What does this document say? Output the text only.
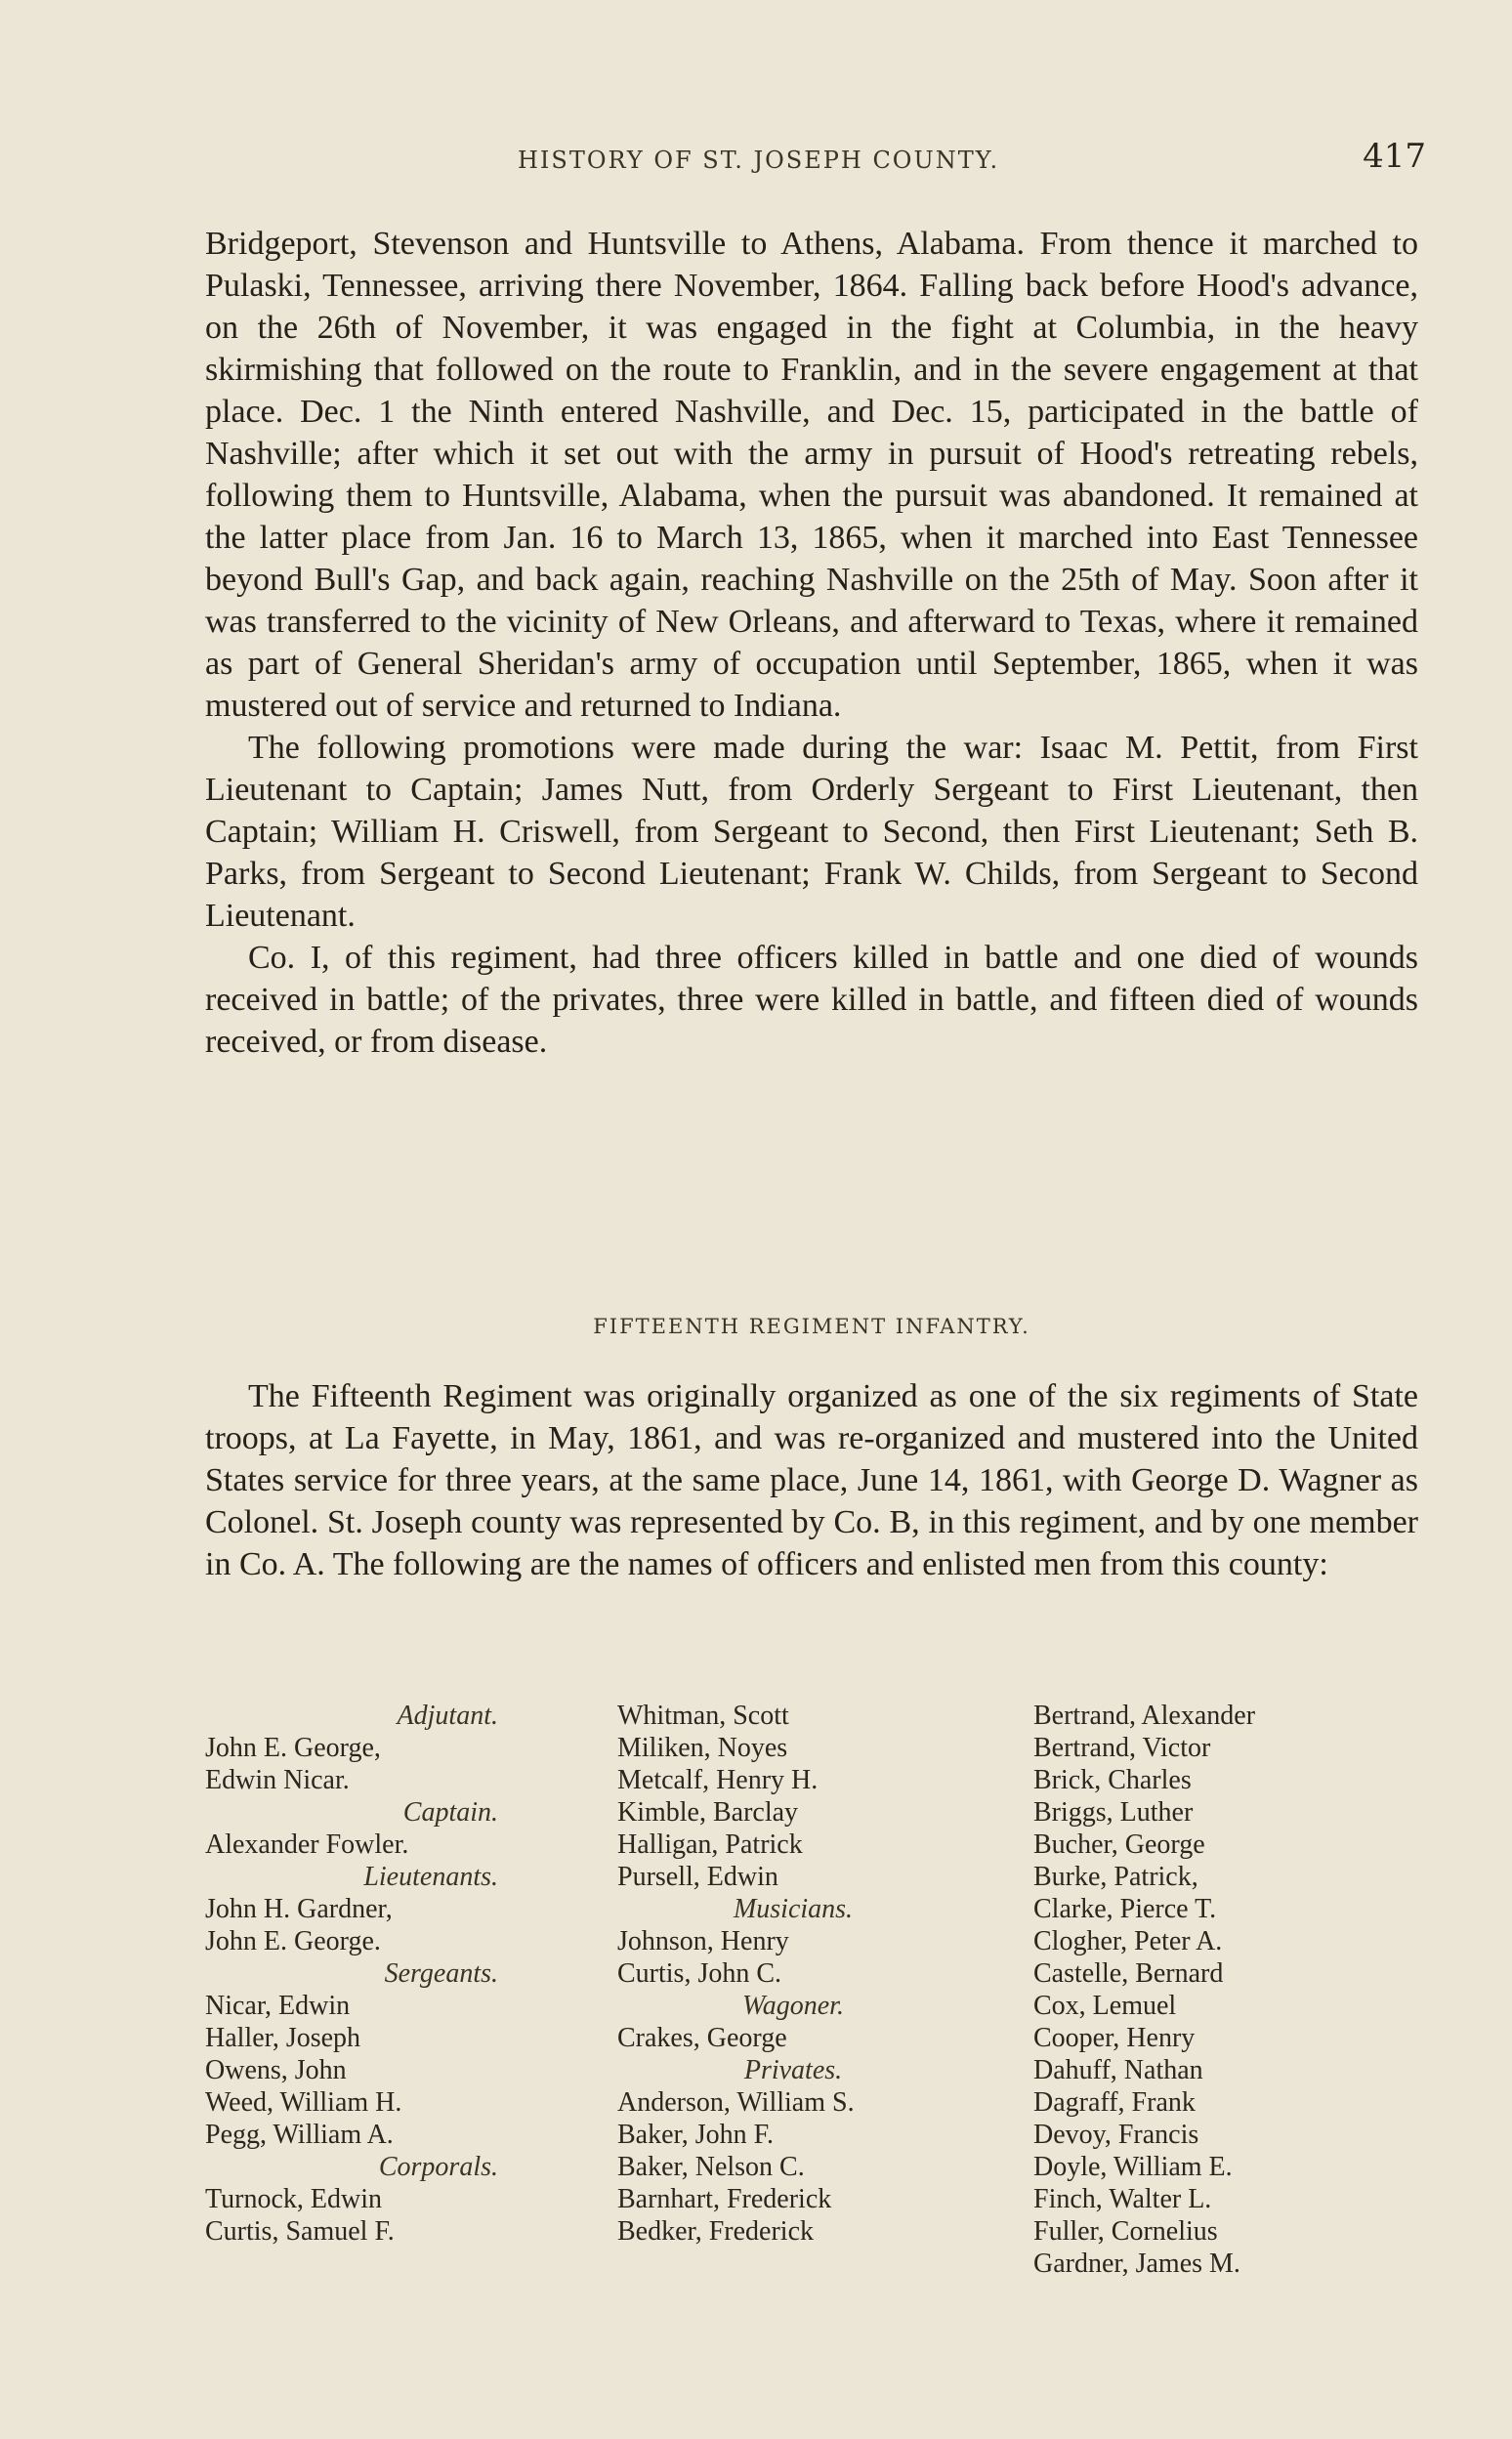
HISTORY OF ST. JOSEPH COUNTY.	417

Bridgeport, Stevenson and Huntsville to Athens, Alabama. From thence it marched to Pulaski, Tennessee, arriving there November, 1864. Falling back before Hood's advance, on the 26th of November, it was engaged in the fight at Columbia, in the heavy skirmishing that followed on the route to Franklin, and in the severe engagement at that place. Dec. 1 the Ninth entered Nashville, and Dec. 15, participated in the battle of Nashville; after which it set out with the army in pursuit of Hood's retreating rebels, following them to Huntsville, Alabama, when the pursuit was abandoned. It remained at the latter place from Jan. 16 to March 13, 1865, when it marched into East Tennessee beyond Bull's Gap, and back again, reaching Nashville on the 25th of May. Soon after it was transferred to the vicinity of New Orleans, and afterward to Texas, where it remained as part of General Sheridan's army of occupation until September, 1865, when it was mustered out of service and returned to Indiana.

The following promotions were made during the war: Isaac M. Pettit, from First Lieutenant to Captain; James Nutt, from Orderly Sergeant to First Lieutenant, then Captain; William H. Criswell, from Sergeant to Second, then First Lieutenant; Seth B. Parks, from Sergeant to Second Lieutenant; Frank W. Childs, from Sergeant to Second Lieutenant.

Co. I, of this regiment, had three officers killed in battle and one died of wounds received in battle; of the privates, three were killed in battle, and fifteen died of wounds received, or from disease.

FIFTEENTH REGIMENT INFANTRY.

The Fifteenth Regiment was originally organized as one of the six regiments of State troops, at La Fayette, in May, 1861, and was re-organized and mustered into the United States service for three years, at the same place, June 14, 1861, with George D. Wagner as Colonel. St. Joseph county was represented by Co. B, in this regiment, and by one member in Co. A. The following are the names of officers and enlisted men from this county:

Adjutant.
John E. George,
Edwin Nicar.
Captain.
Alexander Fowler.
Lieutenants.
John H. Gardner,
John E. George.
Sergeants.
Nicar, Edwin
Haller, Joseph
Owens, John
Weed, William H.
Pegg, William A.
Corporals.
Turnock, Edwin
Curtis, Samuel F.
Whitman, Scott
Miliken, Noyes
Metcalf, Henry H.
Kimble, Barclay
Halligan, Patrick
Pursell, Edwin
Musicians.
Johnson, Henry
Curtis, John C.
Wagoner.
Crakes, George
Privates.
Anderson, William S.
Baker, John F.
Baker, Nelson C.
Barnhart, Frederick
Bedker, Frederick
Bertrand, Alexander
Bertrand, Victor
Brick, Charles
Briggs, Luther
Bucher, George
Burke, Patrick,
Clarke, Pierce T.
Clogher, Peter A.
Castelle, Bernard
Cox, Lemuel
Cooper, Henry
Dahuff, Nathan
Dagraff, Frank
Devoy, Francis
Doyle, William E.
Finch, Walter L.
Fuller, Cornelius
Gardner, James M.
